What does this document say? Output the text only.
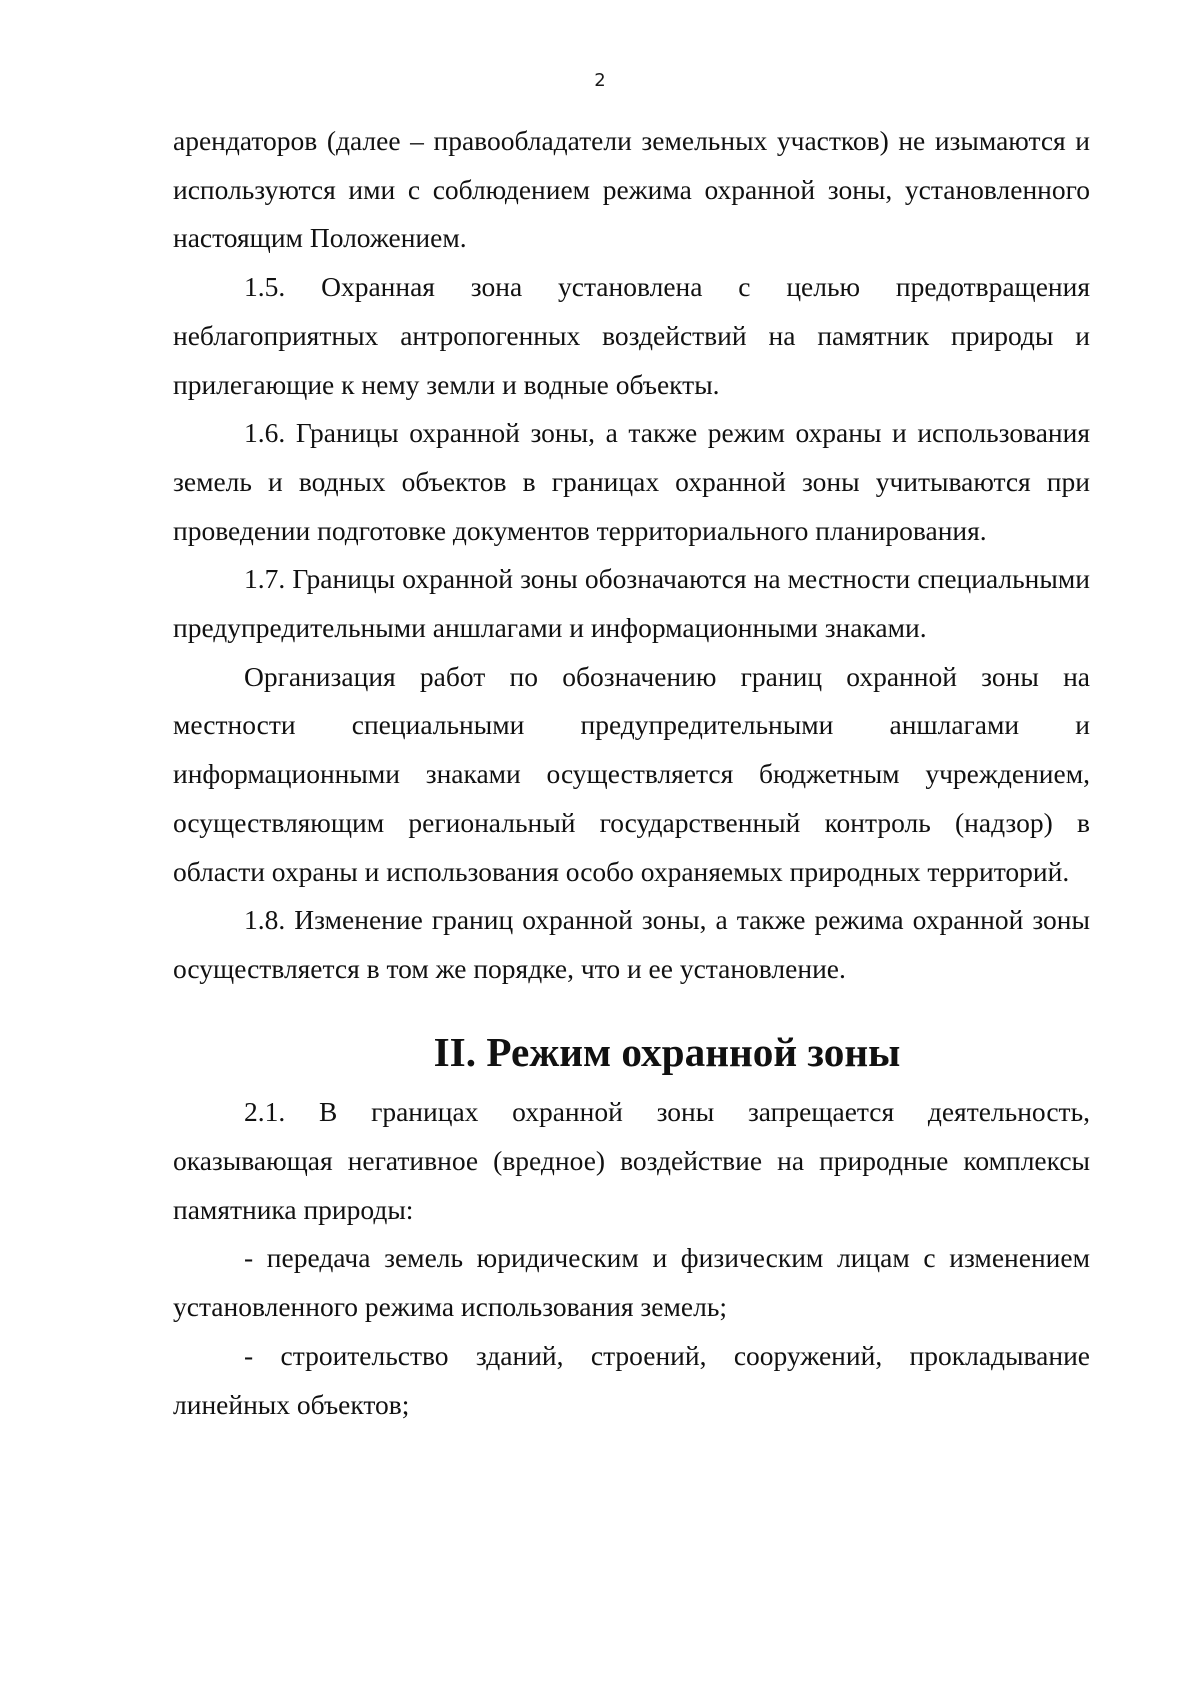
2

арендаторов (далее – правообладатели земельных участков) не изымаются и используются ими с соблюдением режима охранной зоны, установленного настоящим Положением.

1.5. Охранная зона установлена с целью предотвращения неблагоприятных антропогенных воздействий на памятник природы и прилегающие к нему земли и водные объекты.

1.6. Границы охранной зоны, а также режим охраны и использования земель и водных объектов в границах охранной зоны учитываются при проведении подготовке документов территориального планирования.

1.7. Границы охранной зоны обозначаются на местности специальными предупредительными аншлагами и информационными знаками.

Организация работ по обозначению границ охранной зоны на местности специальными предупредительными аншлагами и информационными знаками осуществляется бюджетным учреждением, осуществляющим региональный государственный контроль (надзор) в области охраны и использования особо охраняемых природных территорий.

1.8. Изменение границ охранной зоны, а также режима охранной зоны осуществляется в том же порядке, что и ее установление.

II. Режим охранной зоны

2.1. В границах охранной зоны запрещается деятельность, оказывающая негативное (вредное) воздействие на природные комплексы памятника природы:

- передача земель юридическим и физическим лицам с изменением установленного режима использования земель;

- строительство зданий, строений, сооружений, прокладывание линейных объектов;
